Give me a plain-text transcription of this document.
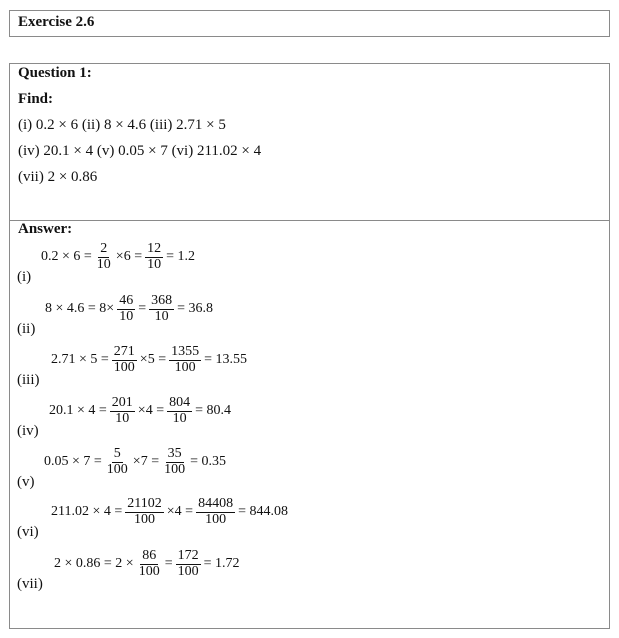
Exercise 2.6
Question 1:
Find:
(i) 0.2 × 6 (ii) 8 × 4.6 (iii) 2.71 × 5
(iv) 20.1 × 4 (v) 0.05 × 7 (vi) 211.02 × 4
(vii) 2 × 0.86
Answer:
(i)
$0.2 \times 6 = \frac{2}{10} \times 6 = \frac{12}{10} = 1.2$
(ii)
$8 \times 4.6 = 8\times \frac{46}{10} = \frac{368}{10} = 36.8$
(iii)
$2.71 \times 5 = \frac{271}{100} \times 5 = \frac{1355}{100} = 13.55$
(iv)
$20.1 \times 4 = \frac{201}{10} \times 4 = \frac{804}{10} = 80.4$
(v)
$0.05 \times 7 = \frac{5}{100} \times 7 = \frac{35}{100} = 0.35$
(vi)
$211.02 \times 4 = \frac{21102}{100} \times 4 = \frac{84408}{100} = 844.08$
(vii)
$2 \times 0.86 = 2 \times \frac{86}{100} = \frac{172}{100} = 1.72$
